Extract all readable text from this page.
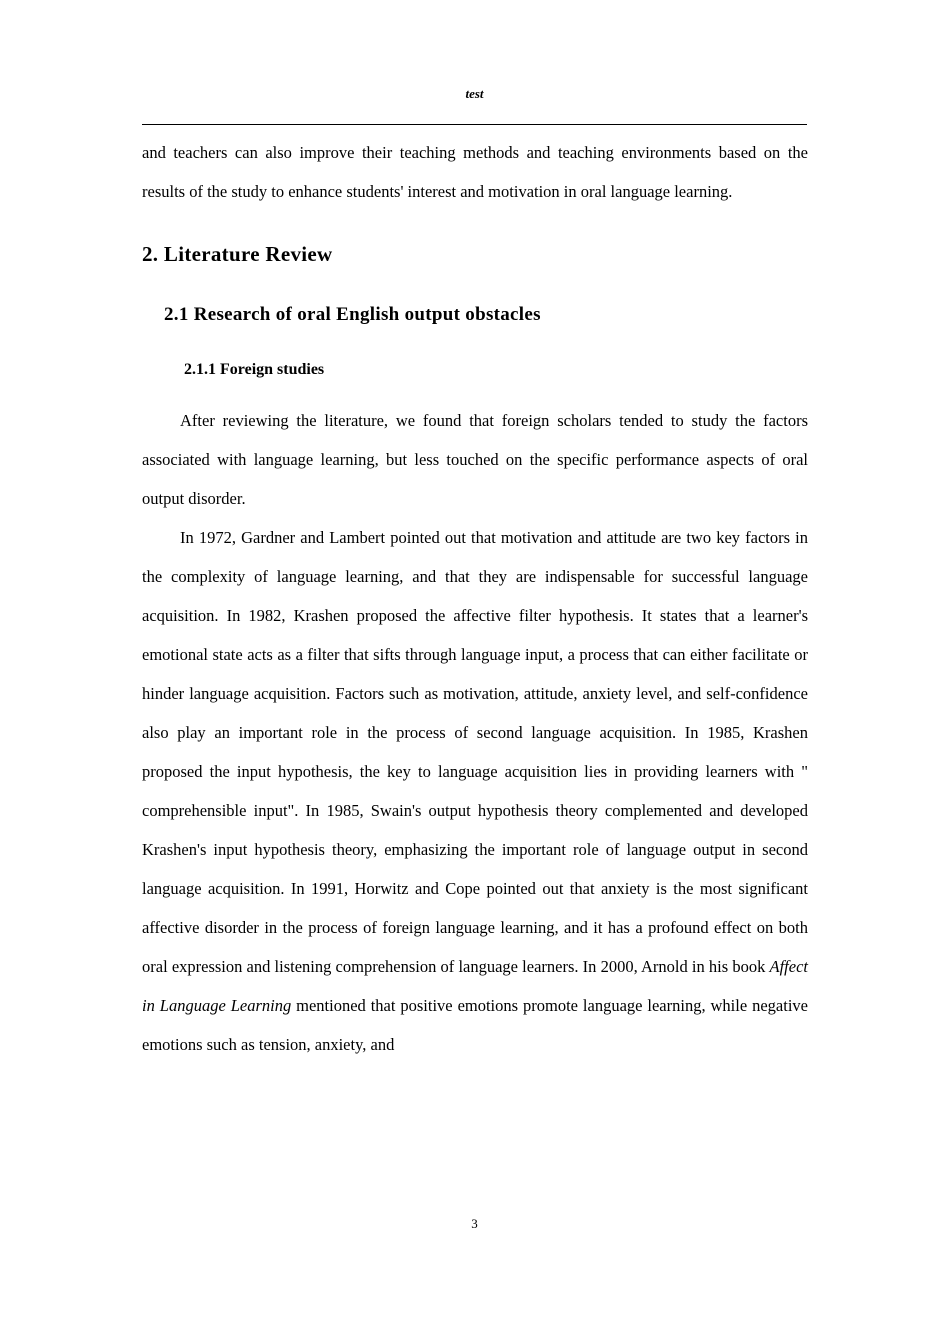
test

and teachers can also improve their teaching methods and teaching environments based on the results of the study to enhance students' interest and motivation in oral language learning.

2. Literature Review
2.1 Research of oral English output obstacles
2.1.1 Foreign studies

After reviewing the literature, we found that foreign scholars tended to study the factors associated with language learning, but less touched on the specific performance aspects of oral output disorder.

In 1972, Gardner and Lambert pointed out that motivation and attitude are two key factors in the complexity of language learning, and that they are indispensable for successful language acquisition. In 1982, Krashen proposed the affective filter hypothesis. It states that a learner's emotional state acts as a filter that sifts through language input, a process that can either facilitate or hinder language acquisition. Factors such as motivation, attitude, anxiety level, and self-confidence also play an important role in the process of second language acquisition. In 1985, Krashen proposed the input hypothesis, the key to language acquisition lies in providing learners with " comprehensible input". In 1985, Swain's output hypothesis theory complemented and developed Krashen's input hypothesis theory, emphasizing the important role of language output in second language acquisition. In 1991, Horwitz and Cope pointed out that anxiety is the most significant affective disorder in the process of foreign language learning, and it has a profound effect on both oral expression and listening comprehension of language learners. In 2000, Arnold in his book Affect in Language Learning mentioned that positive emotions promote language learning, while negative emotions such as tension, anxiety, and

3
